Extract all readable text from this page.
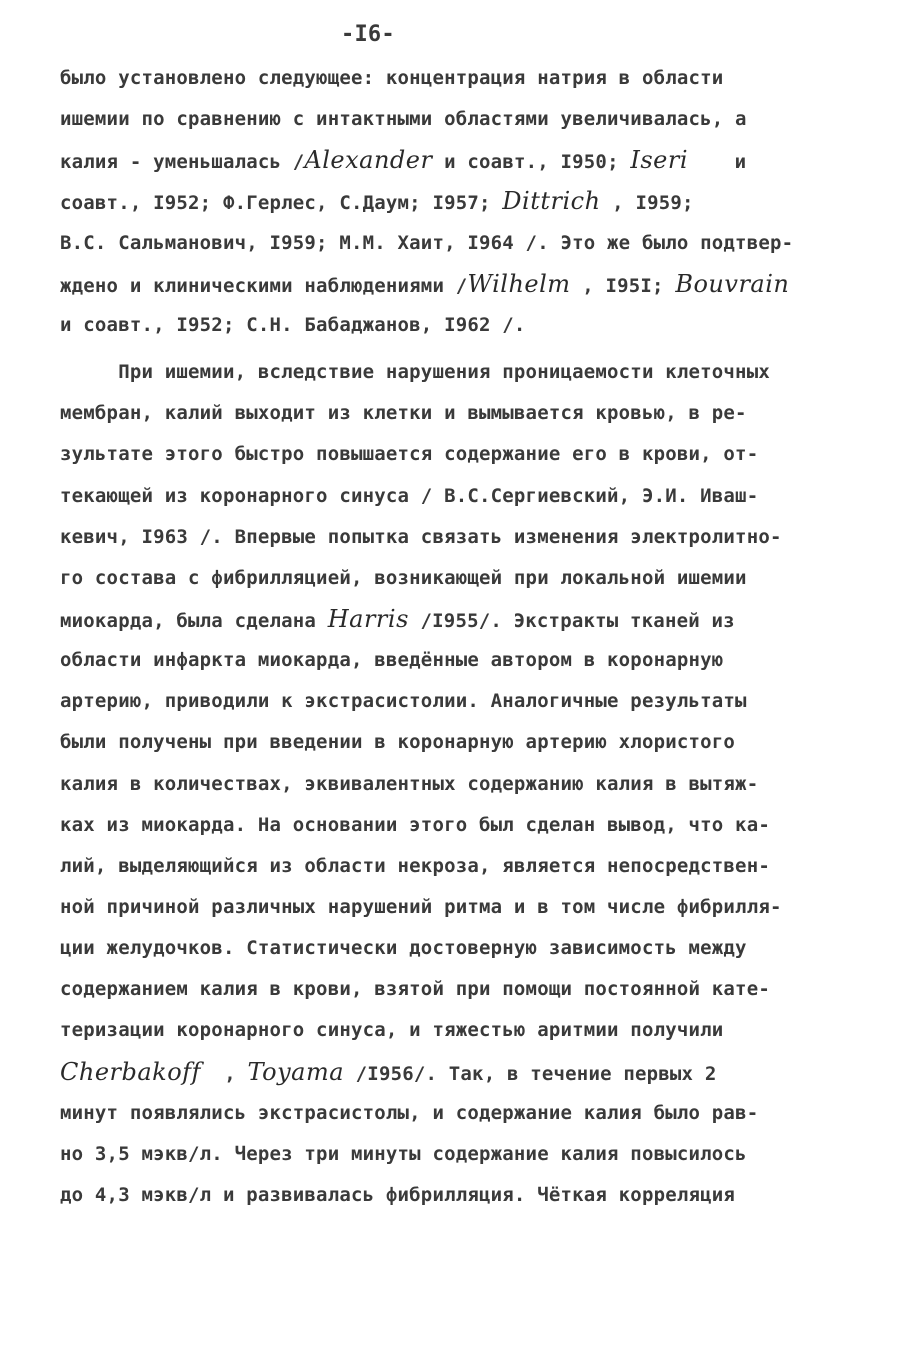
-I6-
было установлено следующее: концентрация натрия в области
ишемии по сравнению с интактными областями увеличивалась, а
калия - уменьшалась /Alexander и соавт., I950; Iseri    и
соавт., I952; Ф.Герлес, С.Даум; I957; Dittrich , I959;
В.С. Сальманович, I959; М.М. Хаит, I964 /. Это же было подтвер-
ждено и клиническими наблюдениями /Wilhelm , I95I; Bouvrain
и соавт., I952; С.Н. Бабаджанов, I962 /.
При ишемии, вследствие нарушения проницаемости клеточных
мембран, калий выходит из клетки и вымывается кровью, в ре-
зультате этого быстро повышается содержание его в крови, от-
текающей из коронарного синуса / В.С.Сергиевский, Э.И. Иваш-
кевич, I963 /. Впервые попытка связать изменения электролитно-
го состава с фибрилляцией, возникающей при локальной ишемии
миокарда, была сделана Harris /I955/. Экстракты тканей из
области инфаркта миокарда, введённые автором в коронарную
артерию, приводили к экстрасистолии. Аналогичные результаты
были получены при введении в коронарную артерию хлористого
калия в количествах, эквивалентных содержанию калия в вытяж-
ках из миокарда. На основании этого был сделан вывод, что ка-
лий, выделяющийся из области некроза, является непосредствен-
ной причиной различных нарушений ритма и в том числе фибрилля-
ции желудочков. Статистически достоверную зависимость между
содержанием калия в крови, взятой при помощи постоянной кате-
теризации коронарного синуса, и тяжестью аритмии получили
Cherbakoff  , Toyama /I956/. Так, в течение первых 2
минут появлялись экстрасистолы, и содержание калия было рав-
но 3,5 мэкв/л. Через три минуты содержание калия повысилось
до 4,3 мэкв/л и развивалась фибрилляция. Чёткая корреляция
